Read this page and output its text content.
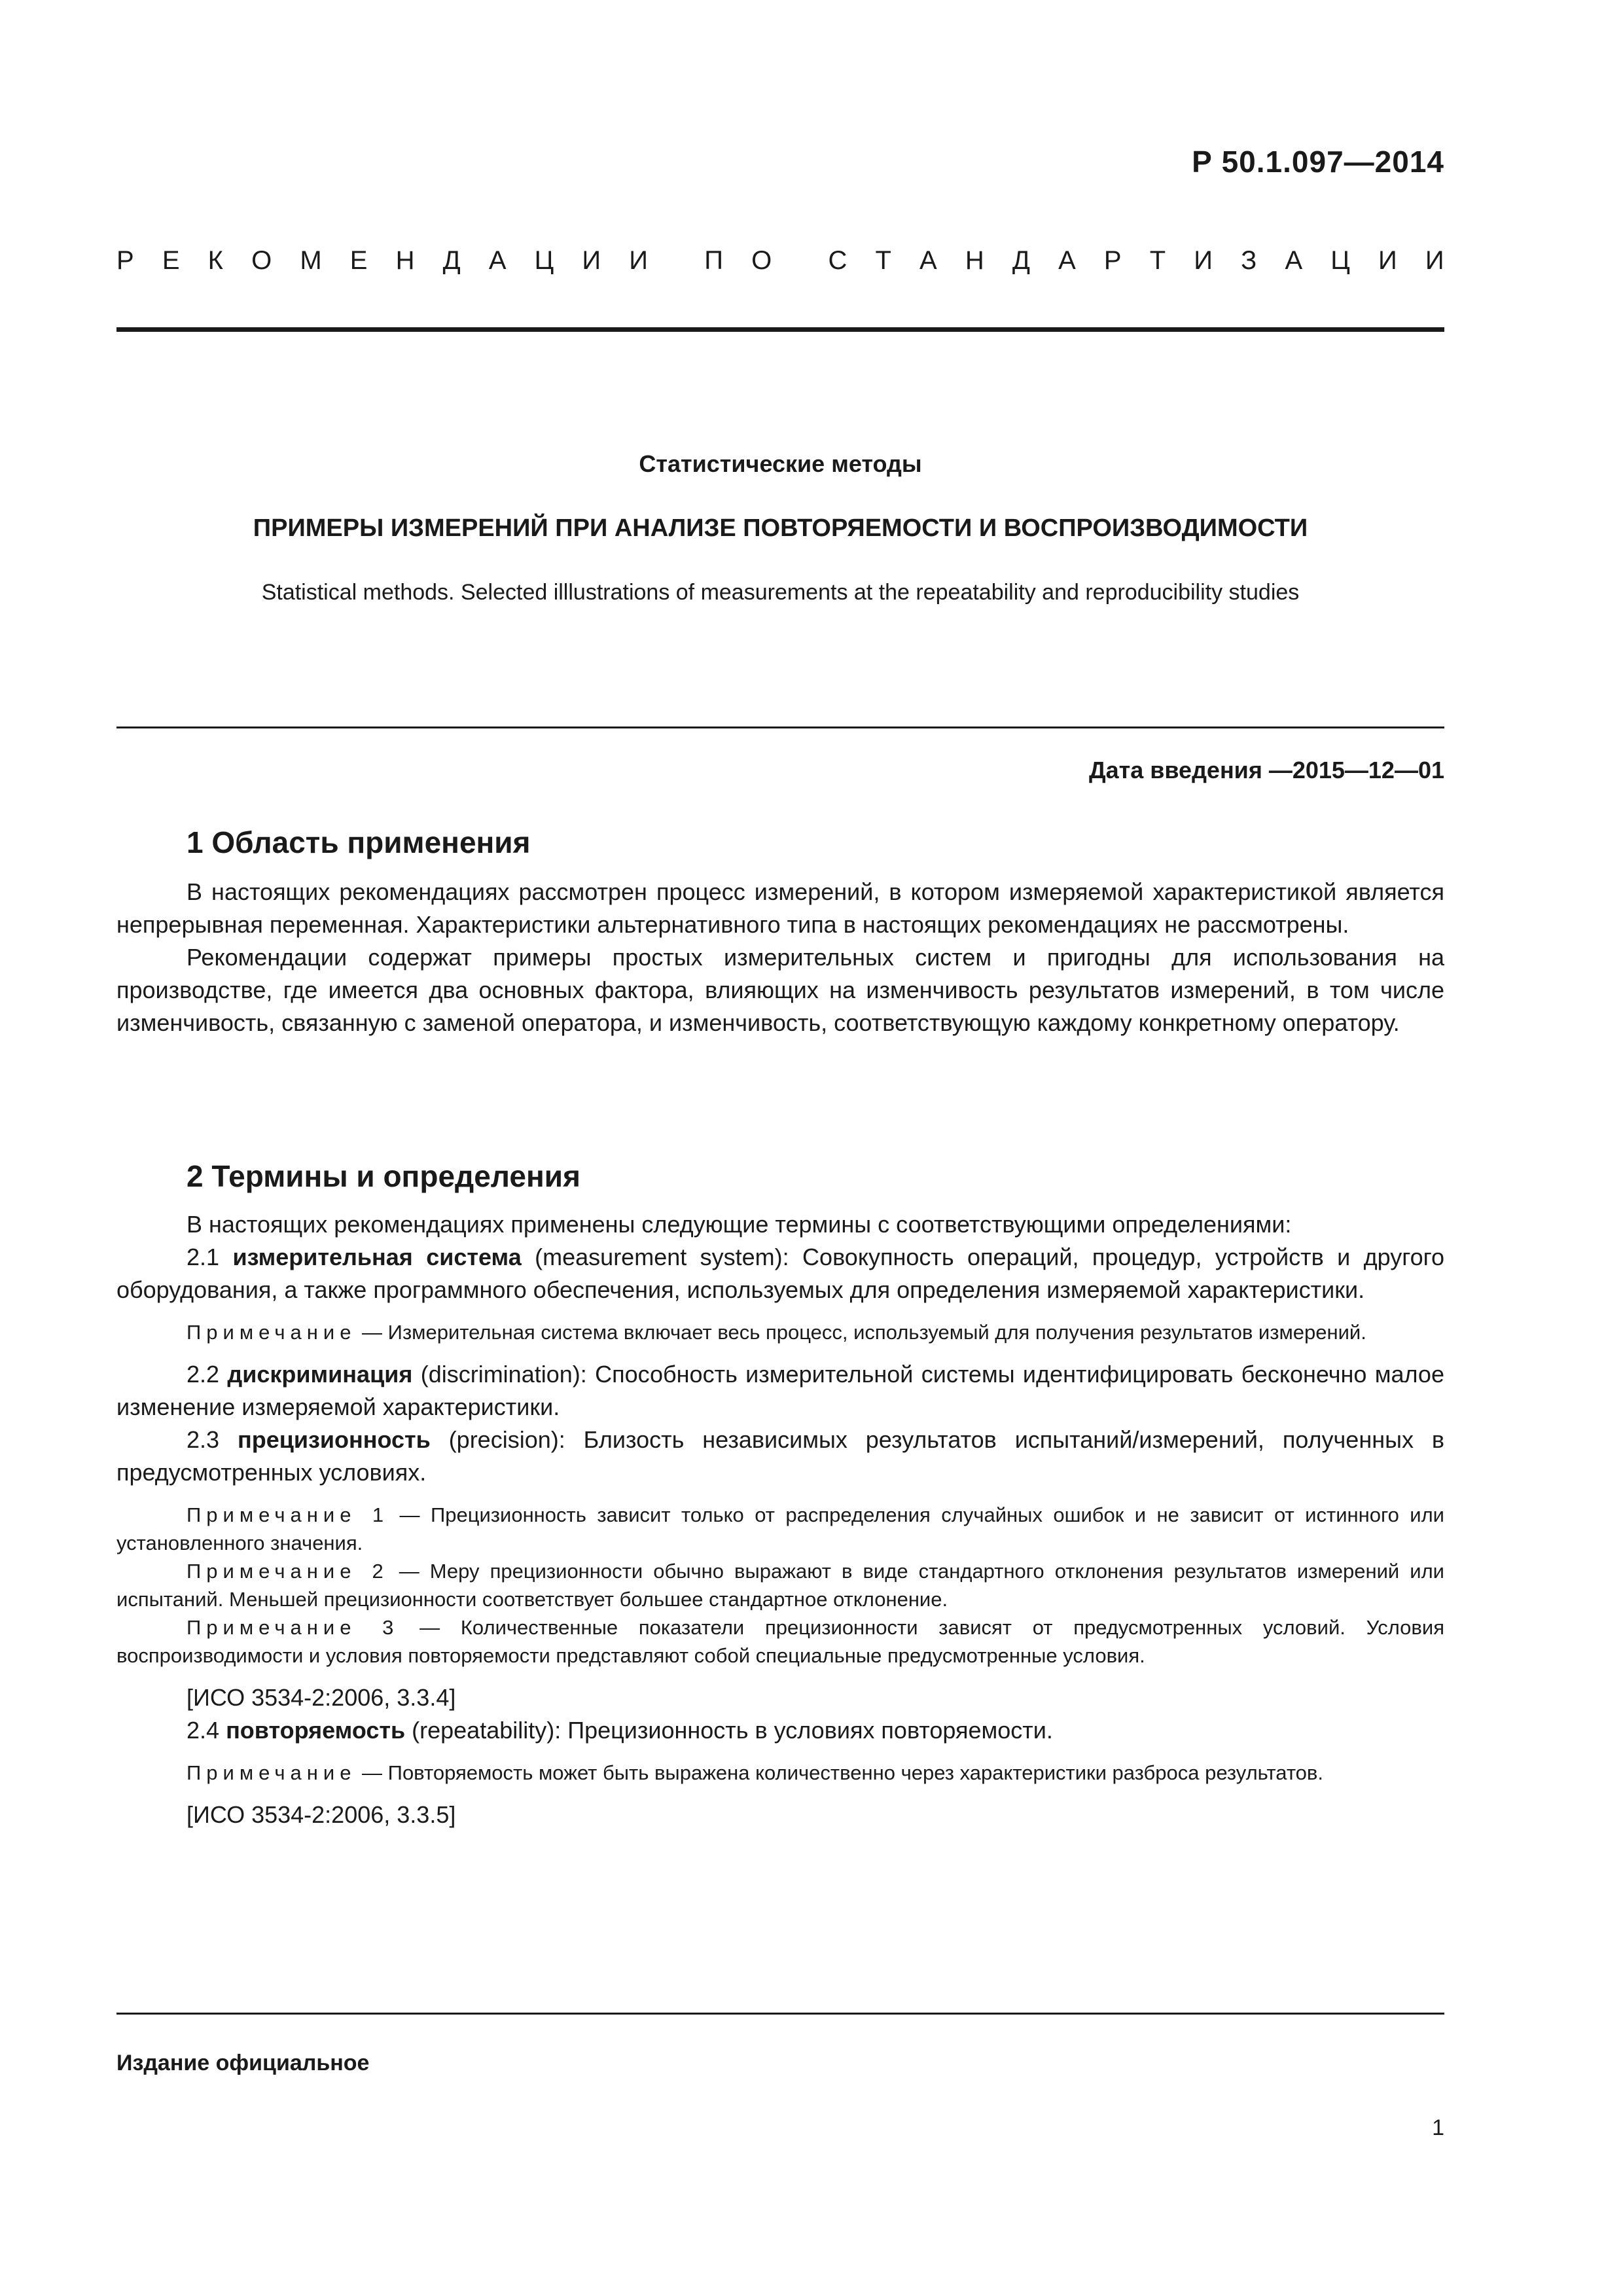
Р 50.1.097—2014
Р Е К О М Е Н Д А Ц И И П О С Т А Н Д А Р Т И З А Ц И И
Статистические методы
ПРИМЕРЫ ИЗМЕРЕНИЙ ПРИ АНАЛИЗЕ ПОВТОРЯЕМОСТИ И ВОСПРОИЗВОДИМОСТИ
Statistical methods. Selected illlustrations of measurements at the repeatability and reproducibility studies
Дата введения —2015—12—01
1 Область применения

В настоящих рекомендациях рассмотрен процесс измерений, в котором измеряемой характеристикой является непрерывная переменная. Характеристики альтернативного типа в настоящих рекомендациях не рассмотрены.

Рекомендации содержат примеры простых измерительных систем и пригодны для использования на производстве, где имеется два основных фактора, влияющих на изменчивость результатов измерений, в том числе изменчивость, связанную с заменой оператора, и изменчивость, соответствующую каждому конкретному оператору.

2 Термины и определения

В настоящих рекомендациях применены следующие термины с соответствующими определениями:

2.1 измерительная система (measurement system): Совокупность операций, процедур, устройств и другого оборудования, а также программного обеспечения, используемых для определения измеряемой характеристики.

Примечание — Измерительная система включает весь процесс, используемый для получения результатов измерений.

2.2 дискриминация (discrimination): Способность измерительной системы идентифицировать бесконечно малое изменение измеряемой характеристики.

2.3 прецизионность (precision): Близость независимых результатов испытаний/измерений, полученных в предусмотренных условиях.

Примечание 1 — Прецизионность зависит только от распределения случайных ошибок и не зависит от истинного или установленного значения.

Примечание 2 — Меру прецизионности обычно выражают в виде стандартного отклонения результатов измерений или испытаний. Меньшей прецизионности соответствует большее стандартное отклонение.

Примечание 3 — Количественные показатели прецизионности зависят от предусмотренных условий. Условия воспроизводимости и условия повторяемости представляют собой специальные предусмотренные условия.

[ИСО 3534-2:2006, 3.3.4]

2.4 повторяемость (repeatability): Прецизионность в условиях повторяемости.

Примечание — Повторяемость может быть выражена количественно через характеристики разброса результатов.

[ИСО 3534-2:2006, 3.3.5]
Издание официальное
1
